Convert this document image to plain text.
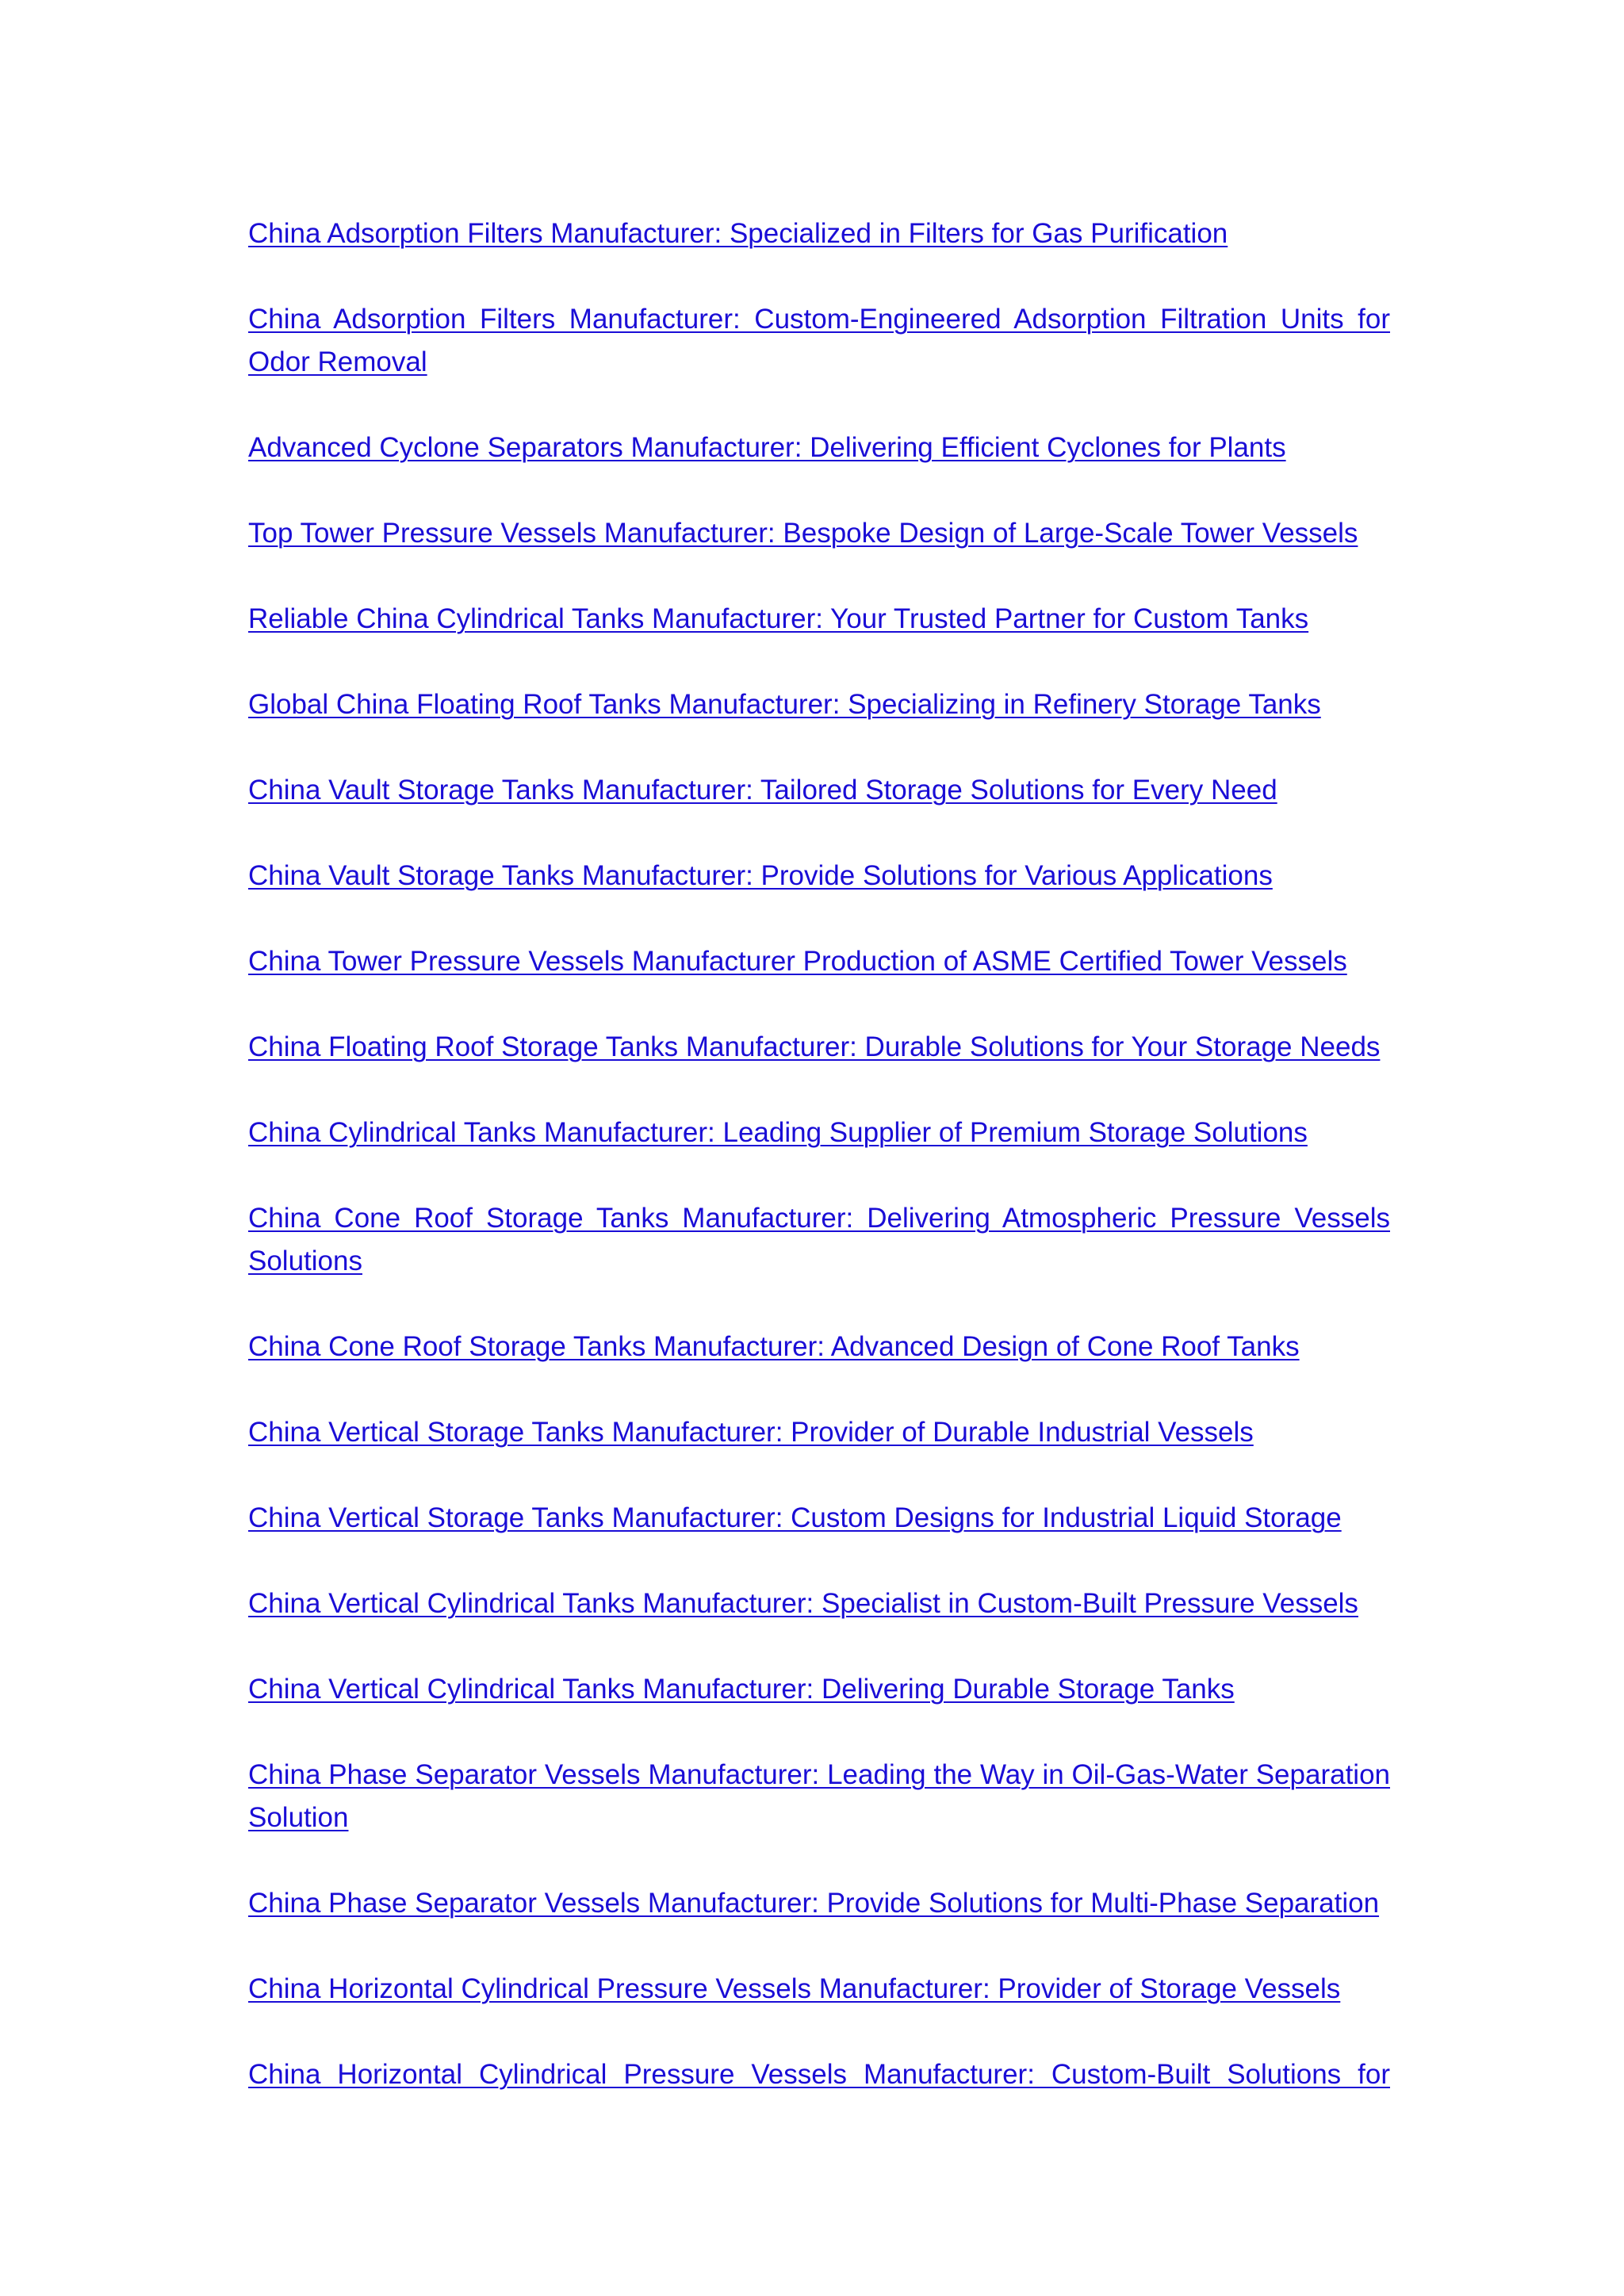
China Adsorption Filters Manufacturer: Specialized in Filters for Gas Purification
China Adsorption Filters Manufacturer: Custom-Engineered Adsorption Filtration Units for Odor Removal
Advanced Cyclone Separators Manufacturer: Delivering Efficient Cyclones for Plants
Top Tower Pressure Vessels Manufacturer: Bespoke Design of Large-Scale Tower Vessels
Reliable China Cylindrical Tanks Manufacturer: Your Trusted Partner for Custom Tanks
Global China Floating Roof Tanks Manufacturer: Specializing in Refinery Storage Tanks
China Vault Storage Tanks Manufacturer: Tailored Storage Solutions for Every Need
China Vault Storage Tanks Manufacturer: Provide Solutions for Various Applications
China Tower Pressure Vessels Manufacturer Production of ASME Certified Tower Vessels
China Floating Roof Storage Tanks Manufacturer: Durable Solutions for Your Storage Needs
China Cylindrical Tanks Manufacturer: Leading Supplier of Premium Storage Solutions
China Cone Roof Storage Tanks Manufacturer: Delivering Atmospheric Pressure Vessels Solutions
China Cone Roof Storage Tanks Manufacturer: Advanced Design of Cone Roof Tanks
China Vertical Storage Tanks Manufacturer: Provider of Durable Industrial Vessels
China Vertical Storage Tanks Manufacturer: Custom Designs for Industrial Liquid Storage
China Vertical Cylindrical Tanks Manufacturer: Specialist in Custom-Built Pressure Vessels
China Vertical Cylindrical Tanks Manufacturer: Delivering Durable Storage Tanks
China Phase Separator Vessels Manufacturer: Leading the Way in Oil-Gas-Water Separation Solution
China Phase Separator Vessels Manufacturer: Provide Solutions for Multi-Phase Separation
China Horizontal Cylindrical Pressure Vessels Manufacturer: Provider of Storage Vessels
China Horizontal Cylindrical Pressure Vessels Manufacturer: Custom-Built Solutions for
